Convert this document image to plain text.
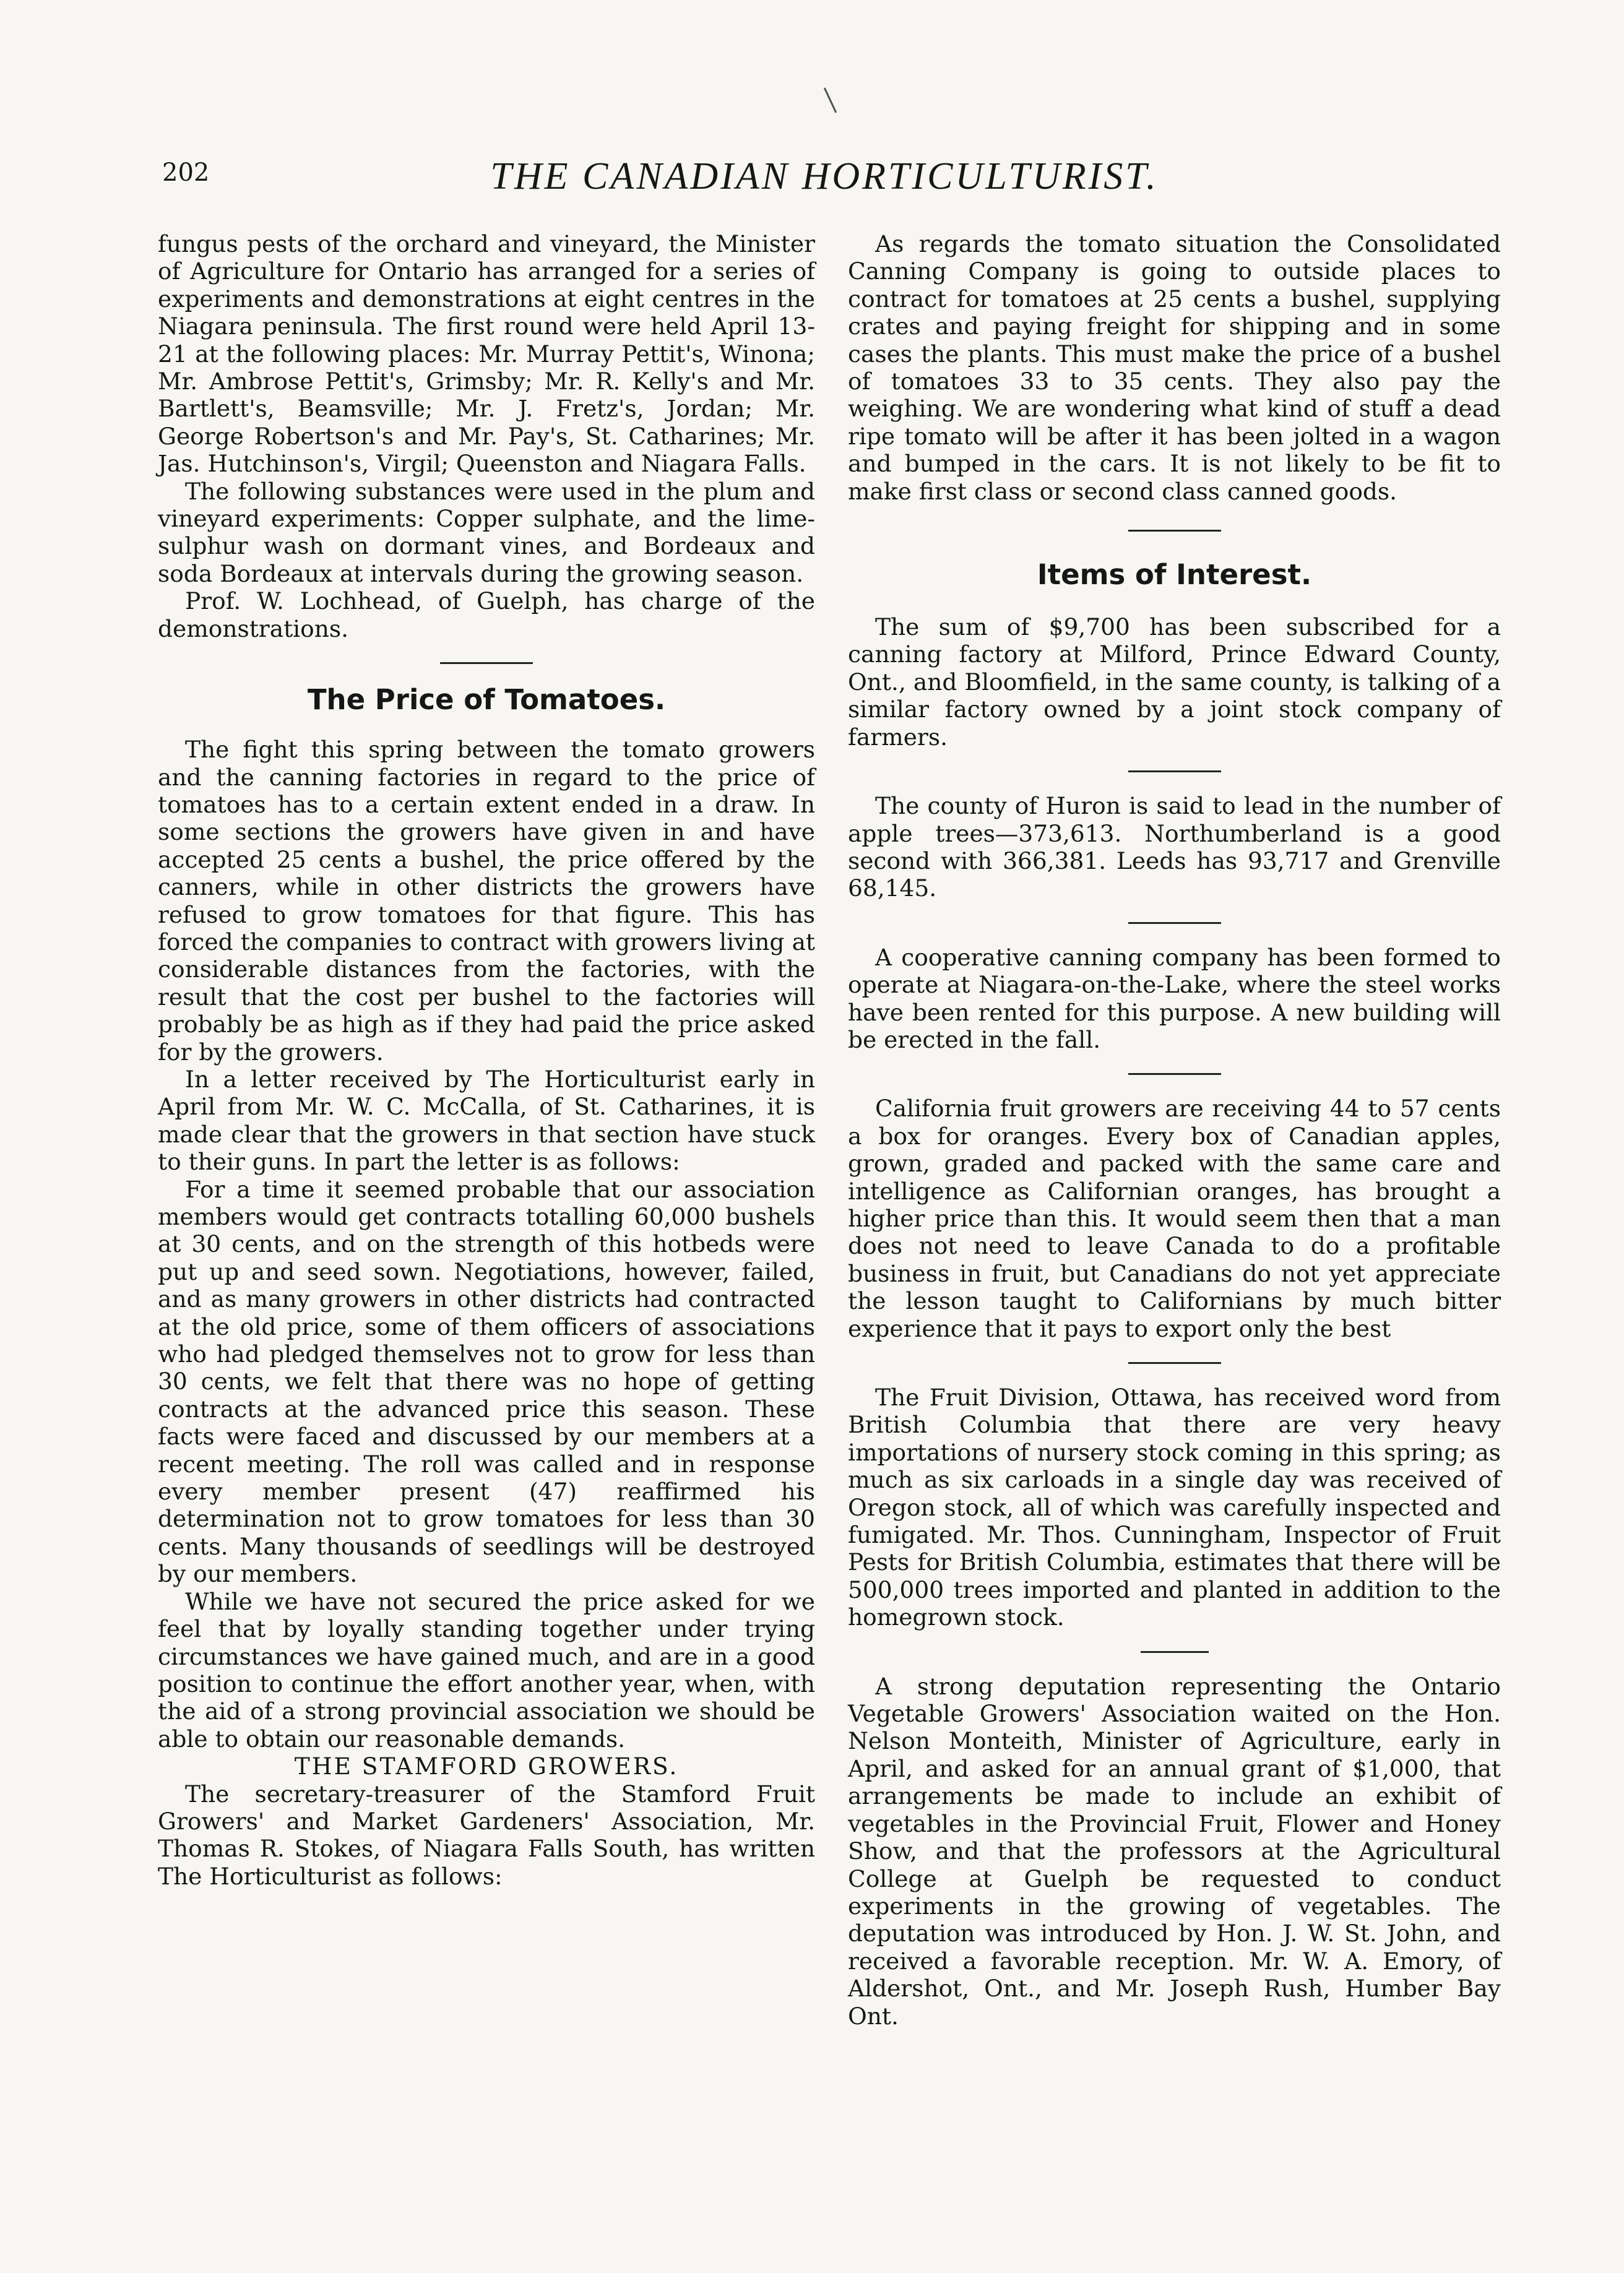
202	THE CANADIAN HORTICULTURIST.

fungus pests of the orchard and vineyard, the Minister of Agriculture for Ontario has arranged for a series of experiments and demonstrations at eight centres in the Niagara peninsula. The first round were held April 13-21 at the following places: Mr. Murray Pettit's, Winona; Mr. Ambrose Pettit's, Grimsby; Mr. R. Kelly's and Mr. Bartlett's, Beamsville; Mr. J. Fretz's, Jordan; Mr. George Robertson's and Mr. Pay's, St. Catharines; Mr. Jas. Hutchinson's, Virgil; Queenston and Niagara Falls.

The following substances were used in the plum and vineyard experiments: Copper sulphate, and the lime-sulphur wash on dormant vines, and Bordeaux and soda Bordeaux at intervals during the growing season.

Prof. W. Lochhead, of Guelph, has charge of the demonstrations.

The Price of Tomatoes.

The fight this spring between the tomato growers and the canning factories in regard to the price of tomatoes has to a certain extent ended in a draw. In some sections the growers have given in and have accepted 25 cents a bushel, the price offered by the canners, while in other districts the growers have refused to grow tomatoes for that figure. This has forced the companies to contract with growers living at considerable distances from the factories, with the result that the cost per bushel to the factories will probably be as high as if they had paid the price asked for by the growers.

In a letter received by The Horticulturist early in April from Mr. W. C. McCalla, of St. Catharines, it is made clear that the growers in that section have stuck to their guns. In part the letter is as follows:

For a time it seemed probable that our association members would get contracts totalling 60,000 bushels at 30 cents, and on the strength of this hotbeds were put up and seed sown. Negotiations, however, failed, and as many growers in other districts had contracted at the old price, some of them officers of associations who had pledged themselves not to grow for less than 30 cents, we felt that there was no hope of getting contracts at the advanced price this season. These facts were faced and discussed by our members at a recent meeting. The roll was called and in response every member present (47) reaffirmed his determination not to grow tomatoes for less than 30 cents. Many thousands of seedlings will be destroyed by our members.

While we have not secured the price asked for we feel that by loyally standing together under trying circumstances we have gained much, and are in a good position to continue the effort another year, when, with the aid of a strong provincial association we should be able to obtain our reasonable demands.

THE STAMFORD GROWERS.

The secretary-treasurer of the Stamford Fruit Growers' and Market Gardeners' Association, Mr. Thomas R. Stokes, of Niagara Falls South, has written The Horticulturist as follows:

As regards the tomato situation the Consolidated Canning Company is going to outside places to contract for tomatoes at 25 cents a bushel, supplying crates and paying freight for shipping and in some cases the plants. This must make the price of a bushel of tomatoes 33 to 35 cents. They also pay the weighing. We are wondering what kind of stuff a dead ripe tomato will be after it has been jolted in a wagon and bumped in the cars. It is not likely to be fit to make first class or second class canned goods.

Items of Interest.

The sum of $9,700 has been subscribed for a canning factory at Milford, Prince Edward County, Ont., and Bloomfield, in the same county, is talking of a similar factory owned by a joint stock company of farmers.

The county of Huron is said to lead in the number of apple trees—373,613. Northumberland is a good second with 366,381. Leeds has 93,717 and Grenville 68,145.

A cooperative canning company has been formed to operate at Niagara-on-the-Lake, where the steel works have been rented for this purpose. A new building will be erected in the fall.

California fruit growers are receiving 44 to 57 cents a box for oranges. Every box of Canadian apples, grown, graded and packed with the same care and intelligence as Californian oranges, has brought a higher price than this. It would seem then that a man does not need to leave Canada to do a profitable business in fruit, but Canadians do not yet appreciate the lesson taught to Californians by much bitter experience that it pays to export only the best

The Fruit Division, Ottawa, has received word from British Columbia that there are very heavy importations of nursery stock coming in this spring; as much as six carloads in a single day was received of Oregon stock, all of which was carefully inspected and fumigated. Mr. Thos. Cunningham, Inspector of Fruit Pests for British Columbia, estimates that there will be 500,000 trees imported and planted in addition to the homegrown stock.

A strong deputation representing the Ontario Vegetable Growers' Association waited on the Hon. Nelson Monteith, Minister of Agriculture, early in April, and asked for an annual grant of $1,000, that arrangements be made to include an exhibit of vegetables in the Provincial Fruit, Flower and Honey Show, and that the professors at the Agricultural College at Guelph be requested to conduct experiments in the growing of vegetables. The deputation was introduced by Hon. J. W. St. John, and received a favorable reception. Mr. W. A. Emory, of Aldershot, Ont., and Mr. Joseph Rush, Humber Bay Ont.
